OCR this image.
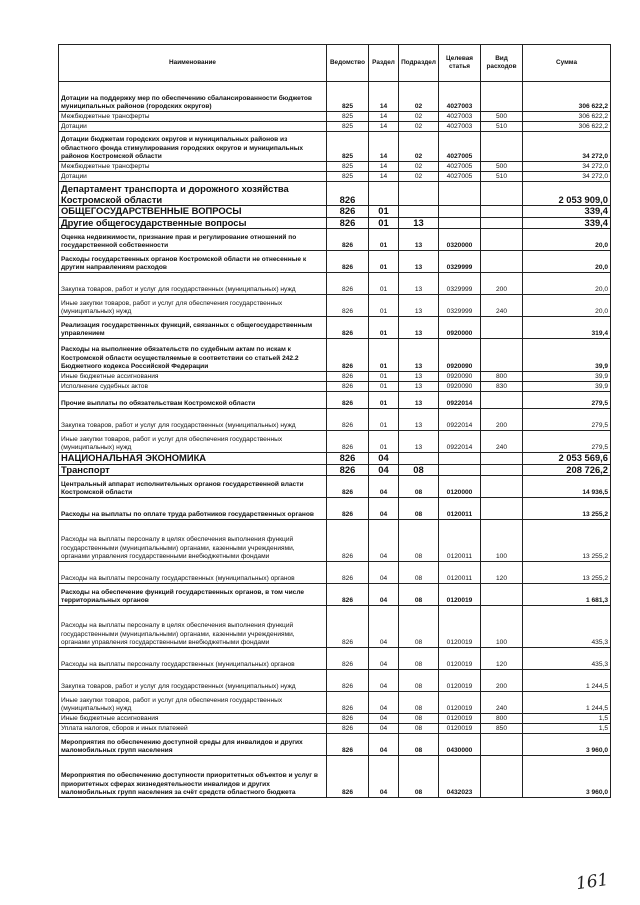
Наименование	Ведомство	Раздел	Подраздел	Целевая статья	Вид расходов	Сумма
Дотации на поддержку мер по обеспечению сбалансированности бюджетов муниципальных районов (городских округов)	825	14	02	4027003		306 622,2
Межбюджетные трансферты	825	14	02	4027003	500	306 622,2
Дотации	825	14	02	4027003	510	306 622,2
Дотации бюджетам городских округов и муниципальных районов из областного фонда стимулирования городских округов и муниципальных районов Костромской области	825	14	02	4027005		34 272,0
Межбюджетные трансферты	825	14	02	4027005	500	34 272,0
Дотации	825	14	02	4027005	510	34 272,0
Департамент транспорта и дорожного хозяйства Костромской области	826					2 053 909,0
ОБЩЕГОСУДАРСТВЕННЫЕ ВОПРОСЫ	826	01				339,4
Другие общегосударственные вопросы	826	01	13			339,4
Оценка недвижимости, признание прав и регулирование отношений по государственной собственности	826	01	13	0320000		20,0
Расходы государственных органов Костромской области не отнесенные к другим направлениям расходов	826	01	13	0329999		20,0
Закупка товаров, работ и услуг для государственных (муниципальных) нужд	826	01	13	0329999	200	20,0
Иные закупки товаров, работ и услуг для обеспечения государственных (муниципальных) нужд	826	01	13	0329999	240	20,0
Реализация государственных функций, связанных с общегосударственным управлением	826	01	13	0920000		319,4
Расходы на выполнение обязательств по судебным актам по искам к Костромской области осуществляемые в соответствии со статьей 242.2 Бюджетного кодекса Российской Федерации	826	01	13	0920090		39,9
Иные бюджетные ассигнования	826	01	13	0920090	800	39,9
Исполнение судебных актов	826	01	13	0920090	830	39,9
Прочие выплаты по обязательствам Костромской области	826	01	13	0922014		279,5
Закупка товаров, работ и услуг для государственных (муниципальных) нужд	826	01	13	0922014	200	279,5
Иные закупки товаров, работ и услуг для обеспечения государственных (муниципальных) нужд	826	01	13	0922014	240	279,5
НАЦИОНАЛЬНАЯ ЭКОНОМИКА	826	04				2 053 569,6
Транспорт	826	04	08			208 726,2
Центральный аппарат исполнительных органов государственной власти Костромской области	826	04	08	0120000		14 936,5
Расходы на выплаты по оплате труда работников государственных органов	826	04	08	0120011		13 255,2
Расходы на выплаты персоналу в целях обеспечения выполнения функций государственными (муниципальными) органами, казенными учреждениями, органами управления государственными внебюджетными фондами	826	04	08	0120011	100	13 255,2
Расходы на выплаты персоналу государственных (муниципальных) органов	826	04	08	0120011	120	13 255,2
Расходы на обеспечение функций государственных органов, в том числе территориальных органов	826	04	08	0120019		1 681,3
Расходы на выплаты персоналу в целях обеспечения выполнения функций государственными (муниципальными) органами, казенными учреждениями, органами управления государственными внебюджетными фондами	826	04	08	0120019	100	435,3
Расходы на выплаты персоналу государственных (муниципальных) органов	826	04	08	0120019	120	435,3
Закупка товаров, работ и услуг для государственных (муниципальных) нужд	826	04	08	0120019	200	1 244,5
Иные закупки товаров, работ и услуг для обеспечения государственных (муниципальных) нужд	826	04	08	0120019	240	1 244,5
Иные бюджетные ассигнования	826	04	08	0120019	800	1,5
Уплата налогов, сборов и иных платежей	826	04	08	0120019	850	1,5
Мероприятия по обеспечению доступной среды для инвалидов и других маломобильных групп населения	826	04	08	0430000		3 960,0
Мероприятия по обеспечению доступности приоритетных объектов и услуг в приоритетных сферах жизнедеятельности инвалидов и других маломобильных групп населения за счёт средств областного бюджета	826	04	08	0432023		3 960,0
161
